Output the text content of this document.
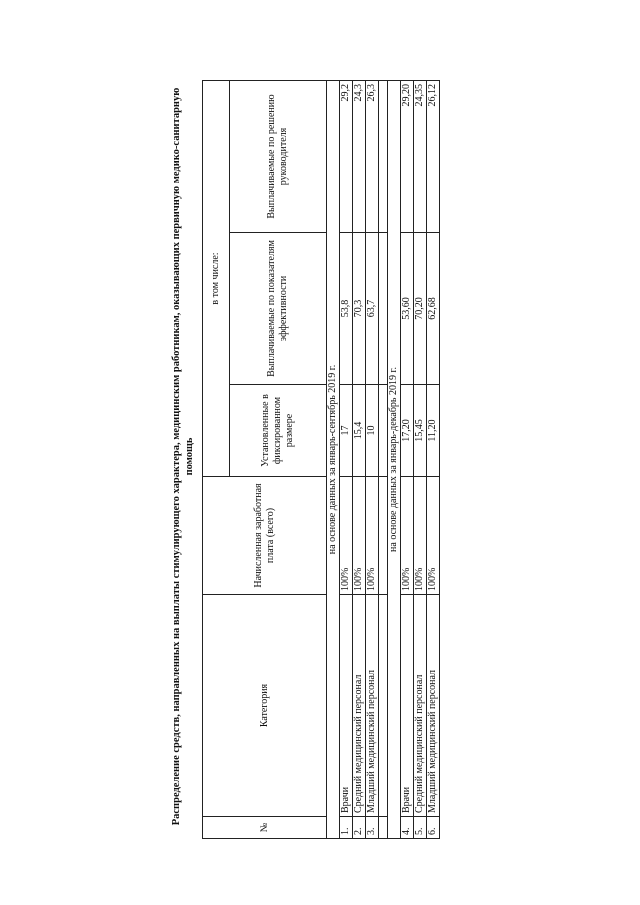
Распределение средств, направленных на выплаты стимулирующего характера, медицинским работникам, оказывающих первичную медико-санитарную помощь
№	Категория	Начисленная заработная плата (всего)	в том числе:		
			Установленные в фиксированном размере	Выплачиваемые по показателям эффективности	Выплачиваемые по решению руководителя
на основе данных за январь-сентябрь 2019 г.					
1.	Врачи	100%	17	53,8	29,2
2.	Средний медицинский персонал	100%	15,4	70,3	24,3
3.	Младший медицинский персонал	100%	10	63,7	26,3

на основе данных за январь-декабрь 2019 г.					
4.	Врачи	100%	17,20	53,60	29,20
5.	Средний медицинский персонал	100%	15,45	70,20	24,35
6.	Младший медицинский персонал	100%	11,20	62,68	26,12
